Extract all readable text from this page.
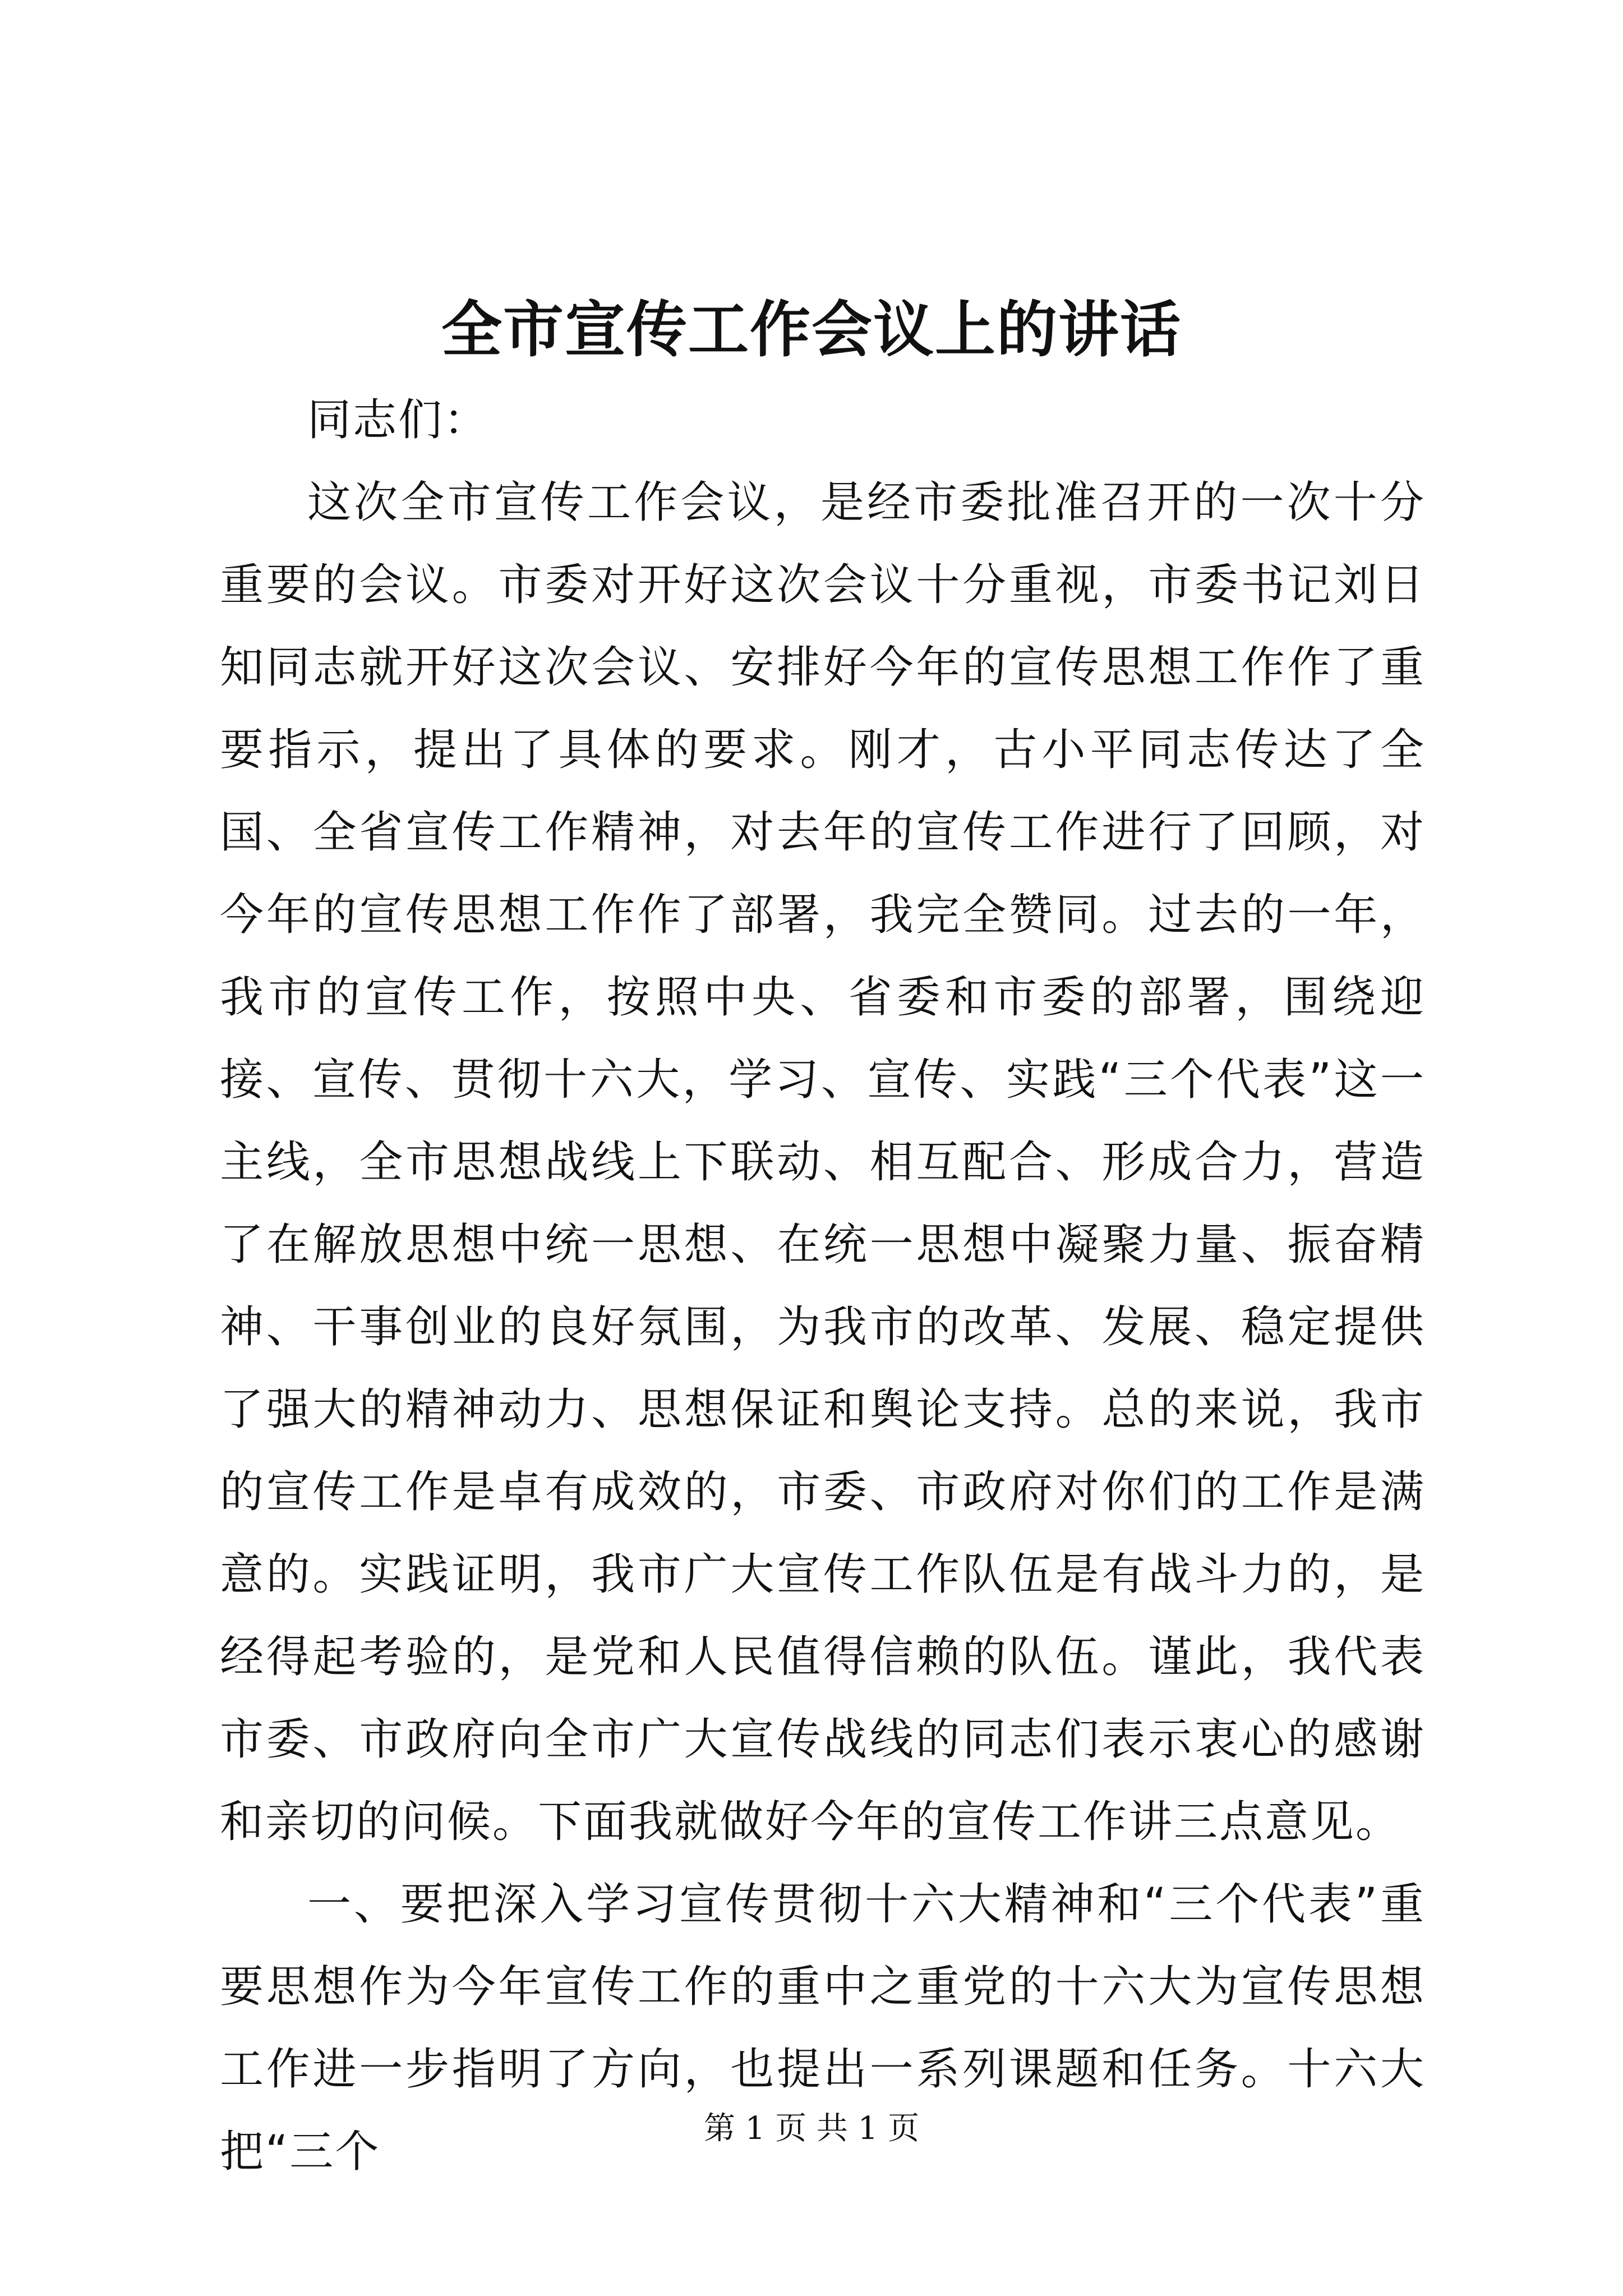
全市宣传工作会议上的讲话

同志们：

这次全市宣传工作会议，是经市委批准召开的一次十分重要的会议。市委对开好这次会议十分重视，市委书记刘日知同志就开好这次会议、安排好今年的宣传思想工作作了重要指示，提出了具体的要求。刚才，古小平同志传达了全国、全省宣传工作精神，对去年的宣传工作进行了回顾，对今年的宣传思想工作作了部署，我完全赞同。过去的一年，我市的宣传工作，按照中央、省委和市委的部署，围绕迎接、宣传、贯彻十六大，学习、宣传、实践“三个代表”这一主线，全市思想战线上下联动、相互配合、形成合力，营造了在解放思想中统一思想、在统一思想中凝聚力量、振奋精神、干事创业的良好氛围，为我市的改革、发展、稳定提供了强大的精神动力、思想保证和舆论支持。总的来说，我市的宣传工作是卓有成效的，市委、市政府对你们的工作是满意的。实践证明，我市广大宣传工作队伍是有战斗力的，是经得起考验的，是党和人民值得信赖的队伍。谨此，我代表市委、市政府向全市广大宣传战线的同志们表示衷心的感谢和亲切的问候。下面我就做好今年的宣传工作讲三点意见。

一、要把深入学习宣传贯彻十六大精神和“三个代表”重要思想作为今年宣传工作的重中之重党的十六大为宣传思想工作进一步指明了方向，也提出一系列课题和任务。十六大把“三个	第 1 页 共 1 页
